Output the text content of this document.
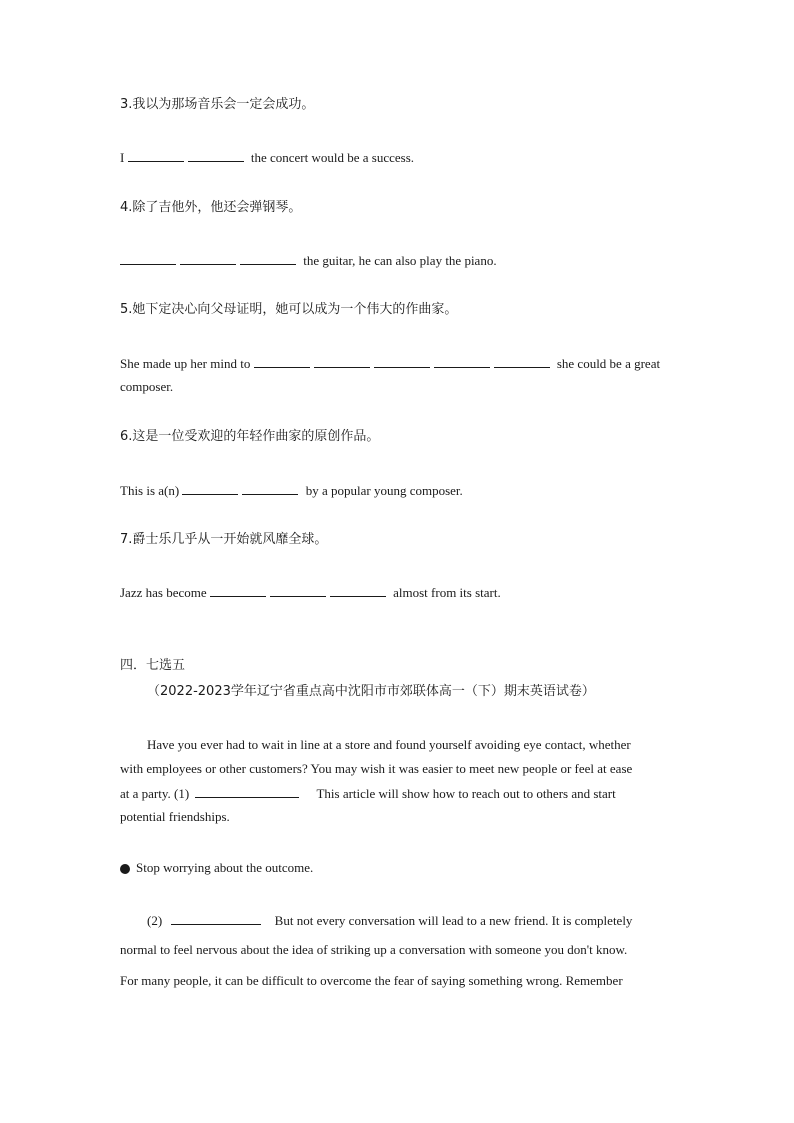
3.我以为那场音乐会一定会成功。
I	the concert would be a success.
4.除了吉他外，他还会弹钢琴。
the guitar, he can also play the piano.
5.她下定决心向父母证明，她可以成为一个伟大的作曲家。
She made up her mind to	she could be a great
composer.
6.这是一位受欢迎的年轻作曲家的原创作品。
This is a(n)	by a popular young composer.
7.爵士乐几乎从一开始就风靡全球。
Jazz has become	almost from its start.
四．七选五
（2022-2023学年辽宁省重点高中沈阳市市郊联体高一（下）期末英语试卷）
Have you ever had to wait in line at a store and found yourself avoiding eye contact, whether
with employees or other customers? You may wish it was easier to meet new people or feel at ease
at a party. (1)	This article will show how to reach out to others and start
potential friendships.
Stop worrying about the outcome.
(2)	But not every conversation will lead to a new friend. It is completely
normal to feel nervous about the idea of striking up a conversation with someone you don't know.
For many people, it can be difficult to overcome the fear of saying something wrong. Remember
